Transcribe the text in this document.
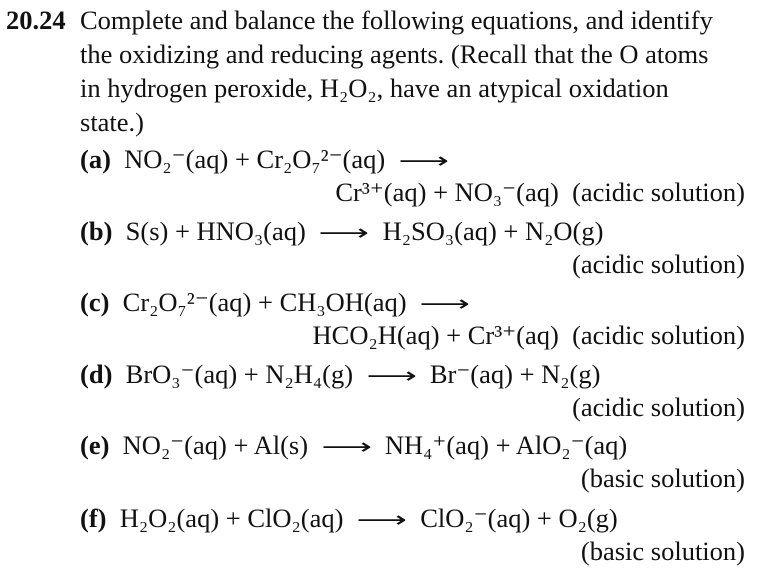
20.24 Complete and balance the following equations, and identify
the oxidizing and reducing agents. (Recall that the O atoms
in hydrogen peroxide, H₂O₂, have an atypical oxidation
state.)
(a) NO₂⁻(aq) + Cr₂O₇²⁻(aq) ⟶
Cr³⁺(aq) + NO₃⁻(aq) (acidic solution)
(b) S(s) + HNO₃(aq) ⟶ H₂SO₃(aq) + N₂O(g)
(acidic solution)
(c) Cr₂O₇²⁻(aq) + CH₃OH(aq) ⟶
HCO₂H(aq) + Cr³⁺(aq) (acidic solution)
(d) BrO₃⁻(aq) + N₂H₄(g) ⟶ Br⁻(aq) + N₂(g)
(acidic solution)
(e) NO₂⁻(aq) + Al(s) ⟶ NH₄⁺(aq) + AlO₂⁻(aq)
(basic solution)
(f) H₂O₂(aq) + ClO₂(aq) ⟶ ClO₂⁻(aq) + O₂(g)
(basic solution)
